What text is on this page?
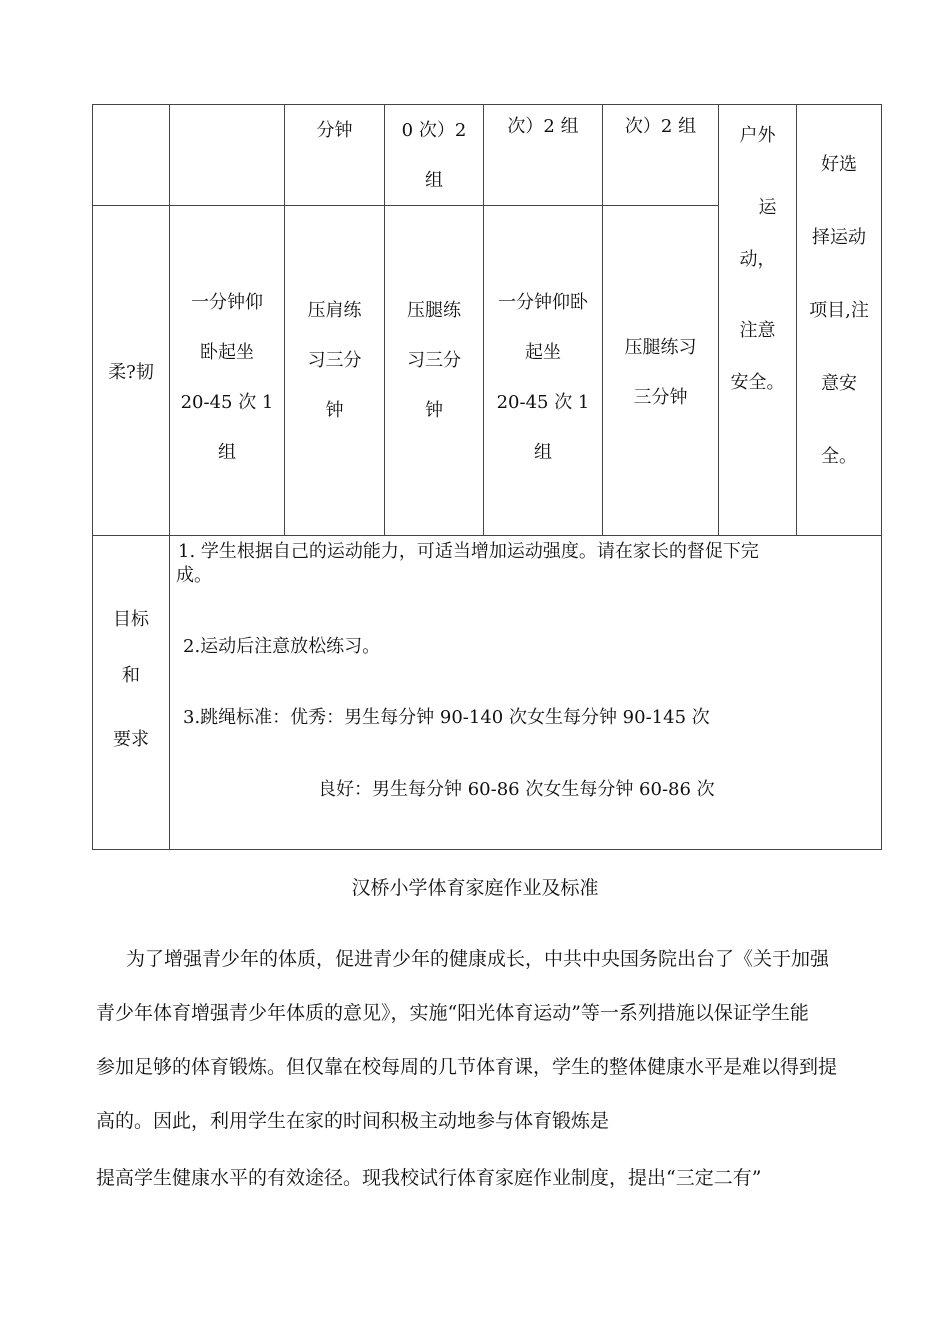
分钟	0 次）2
组
次）2 组	次）2 组 户外
运
动，
注意
安全。
好选
择运动
项目,注
意安
全。
柔?韧
一分钟仰
卧起坐
20-45 次 1
组
压肩练
习三分
钟
压腿练
习三分
钟
一分钟仰卧
起坐
20-45 次 1
组
压腿练习
三分钟
目标
和
要求
1. 学生根据自己的运动能力，可适当增加运动强度。请在家长的督促下完
成。
2.运动后注意放松练习。
3.跳绳标准：优秀：男生每分钟 90-140 次女生每分钟 90-145 次
良好：男生每分钟 60-86 次女生每分钟 60-86 次
汉桥小学体育家庭作业及标准
　　为了增强青少年的体质，促进青少年的健康成长，中共中央国务院出台了《关于加强
青少年体育增强青少年体质的意见》，实施“阳光体育运动”等一系列措施以保证学生能
参加足够的体育锻炼。但仅靠在校每周的几节体育课，学生的整体健康水平是难以得到提
高的。因此，利用学生在家的时间积极主动地参与体育锻炼是
提高学生健康水平的有效途径。现我校试行体育家庭作业制度，提出“三定二有”
